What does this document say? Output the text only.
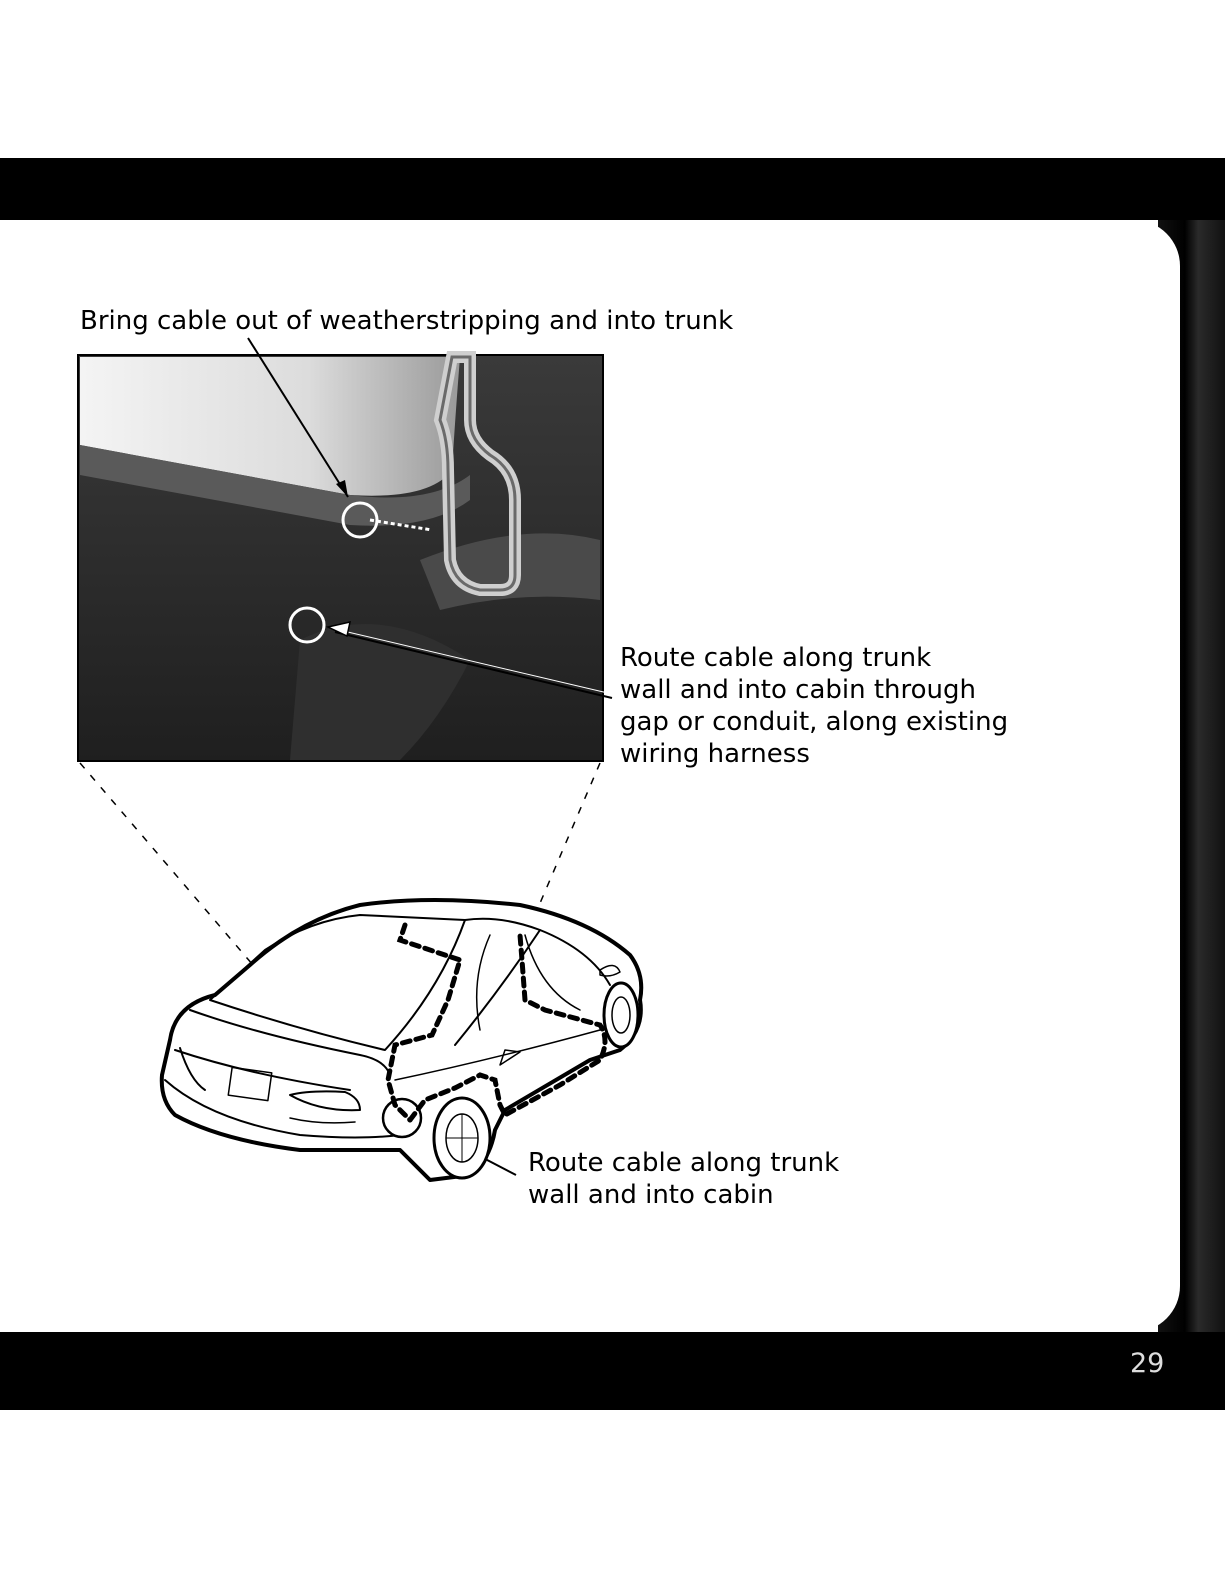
Bring cable out of weatherstripping and into trunk
Route cable along trunk
wall and into cabin through
gap or conduit, along existing
wiring harness
Route cable along trunk
wall and into cabin
29
